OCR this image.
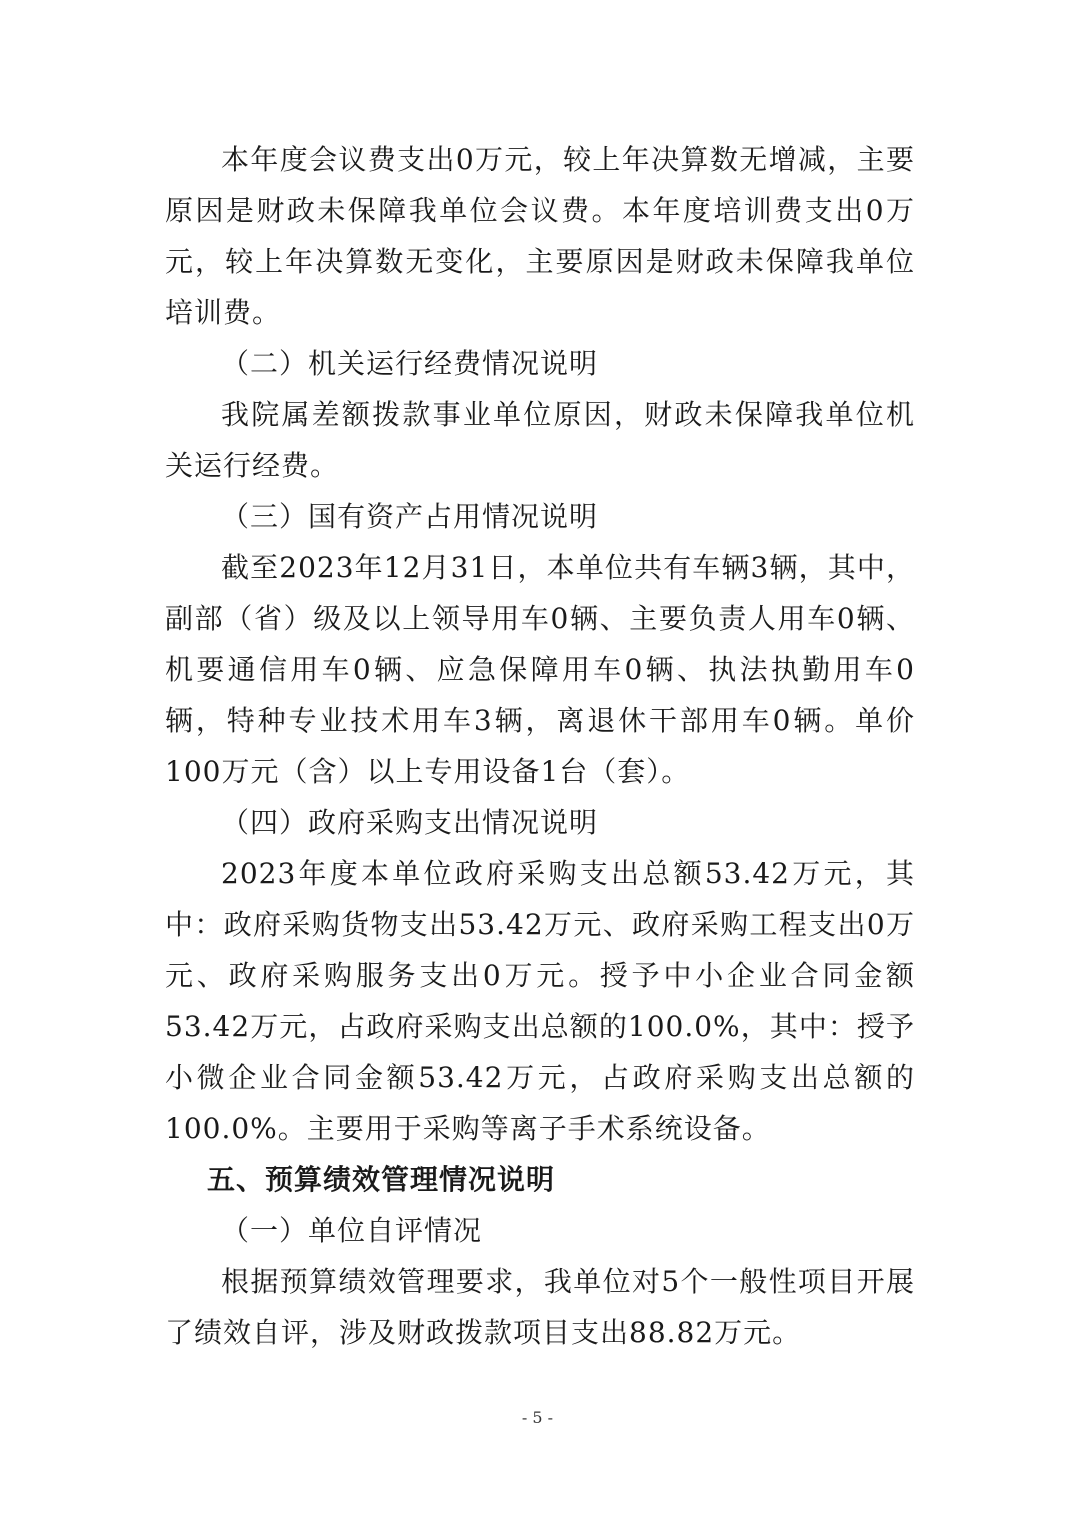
本年度会议费支出0万元，较上年决算数无增减，主要原因是财政未保障我单位会议费。本年度培训费支出0万元，较上年决算数无变化，主要原因是财政未保障我单位培训费。

（二）机关运行经费情况说明

我院属差额拨款事业单位原因，财政未保障我单位机关运行经费。

（三）国有资产占用情况说明

截至2023年12月31日，本单位共有车辆3辆，其中，副部（省）级及以上领导用车0辆、主要负责人用车0辆、机要通信用车0辆、应急保障用车0辆、执法执勤用车0辆，特种专业技术用车3辆，离退休干部用车0辆。单价100万元（含）以上专用设备1台（套）。

（四）政府采购支出情况说明

2023年度本单位政府采购支出总额53.42万元，其中：政府采购货物支出53.42万元、政府采购工程支出0万元、政府采购服务支出0万元。授予中小企业合同金额53.42万元，占政府采购支出总额的100.0%，其中：授予小微企业合同金额53.42万元，占政府采购支出总额的100.0%。主要用于采购等离子手术系统设备。

五、预算绩效管理情况说明

（一）单位自评情况

根据预算绩效管理要求，我单位对5个一般性项目开展了绩效自评，涉及财政拨款项目支出88.82万元。

- 5 -
